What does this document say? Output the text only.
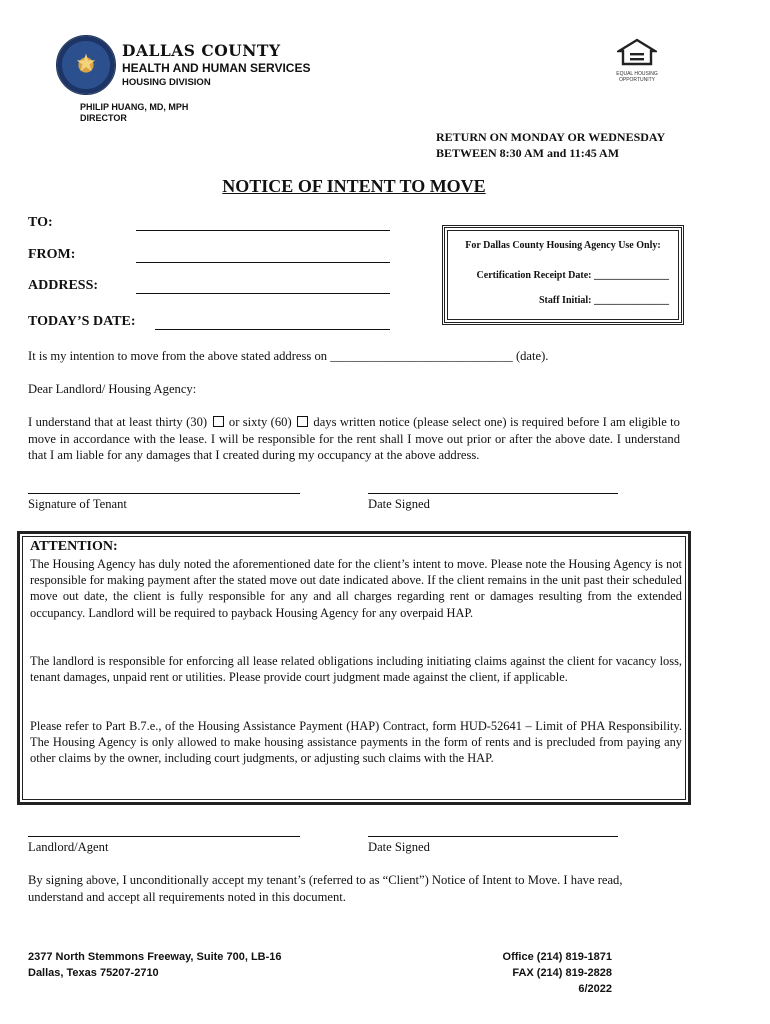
★
DALLAS COUNTY
HEALTH AND HUMAN SERVICES
HOUSING DIVISION
PHILIP HUANG, MD, MPH
DIRECTOR
EQUAL HOUSING OPPORTUNITY
RETURN ON MONDAY OR WEDNESDAY
BETWEEN 8:30 AM and 11:45 AM
NOTICE OF INTENT TO MOVE
TO:
FROM:
ADDRESS:
TODAY’S DATE:
For Dallas County Housing Agency Use Only:
Certification Receipt Date: _______________
Staff Initial: _______________
It is my intention to move from the above stated address on _____________________________ (date).
Dear Landlord/ Housing Agency:
I understand that at least thirty (30) or sixty (60) days written notice (please select one) is required before I am eligible to move in accordance with the lease. I will be responsible for the rent shall I move out prior or after the above date. I understand that I am liable for any damages that I created during my occupancy at the above address.
Signature of Tenant	Date Signed
ATTENTION:

The Housing Agency has duly noted the aforementioned date for the client’s intent to move. Please note the Housing Agency is not responsible for making payment after the stated move out date indicated above. If the client remains in the unit past their scheduled move out date, the client is fully responsible for any and all charges regarding rent or damages resulting from the extended occupancy. Landlord will be required to payback Housing Agency for any overpaid HAP.

The landlord is responsible for enforcing all lease related obligations including initiating claims against the client for vacancy loss, tenant damages, unpaid rent or utilities. Please provide court judgment made against the client, if applicable.

Please refer to Part B.7.e., of the Housing Assistance Payment (HAP) Contract, form HUD-52641 – Limit of PHA Responsibility. The Housing Agency is only allowed to make housing assistance payments in the form of rents and is precluded from paying any other claims by the owner, including court judgments, or adjusting such claims with the HAP.

Landlord/Agent	Date Signed
By signing above, I unconditionally accept my tenant’s (referred to as “Client”) Notice of Intent to Move. I have read, understand and accept all requirements noted in this document.
2377 North Stemmons Freeway, Suite 700, LB-16
Dallas, Texas 75207-2710
Office (214) 819-1871
FAX (214) 819-2828
6/2022
